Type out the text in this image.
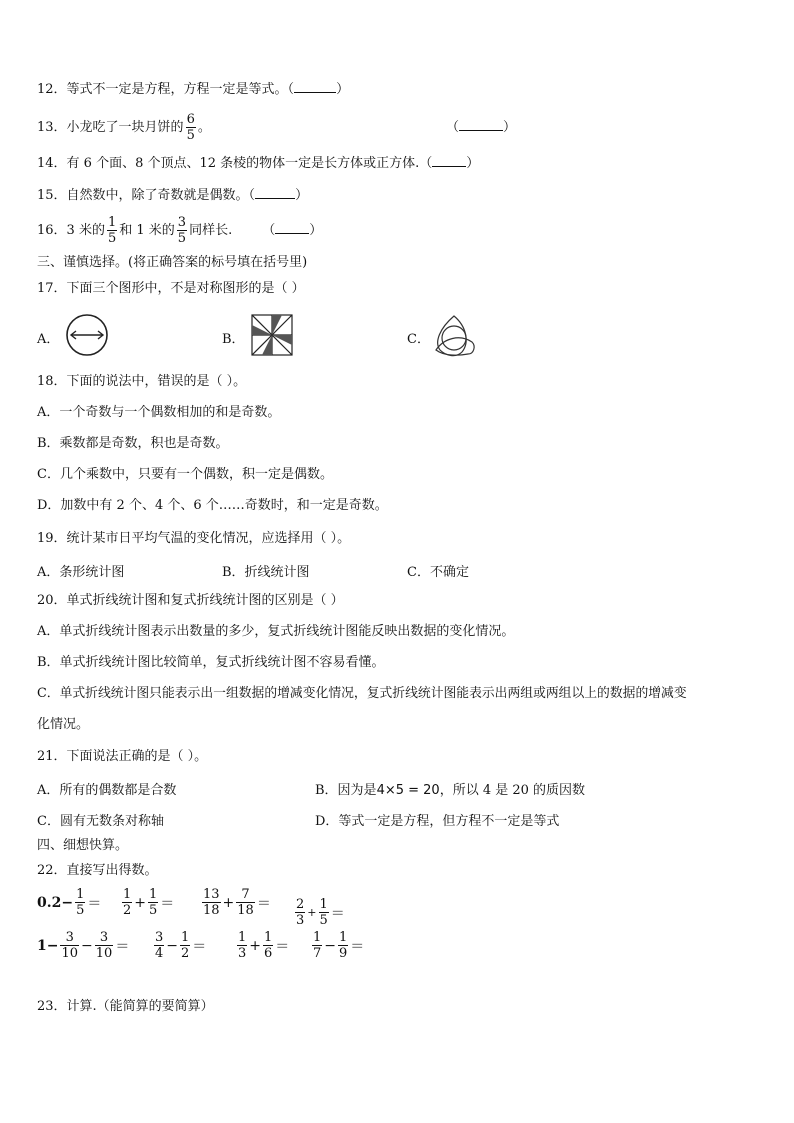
12．等式不一定是方程，方程一定是等式。（	）
13．小龙吃了一块月饼的 $\frac{6}{5}$ 。	（	）
14．有 6 个面、8 个顶点、12 条棱的物体一定是长方体或正方体.（	）
15．自然数中，除了奇数就是偶数。（	）
16．3 米的 $\frac{1}{5}$ 和 1 米的 $\frac{3}{5}$ 同样长. （	）
三、谨慎选择。(将正确答案的标号填在括号里)
17．下面三个图形中，不是对称图形的是（ ）
A．	B．	C．
18．下面的说法中，错误的是（ ）。
A．一个奇数与一个偶数相加的和是奇数。
B．乘数都是奇数，积也是奇数。
C．几个乘数中，只要有一个偶数，积一定是偶数。
D．加数中有 2 个、4 个、6 个……奇数时，和一定是奇数。
19．统计某市日平均气温的变化情况，应选择用（ ）。
A．条形统计图	B．折线统计图	C．不确定
20．单式折线统计图和复式折线统计图的区别是（ ）
A．单式折线统计图表示出数量的多少，复式折线统计图能反映出数据的变化情况。
B．单式折线统计图比较简单，复式折线统计图不容易看懂。
C．单式折线统计图只能表示出一组数据的增减变化情况，复式折线统计图能表示出两组或两组以上的数据的增减变
化情况。
21．下面说法正确的是（ ）。
A．所有的偶数都是合数	B．因为是4×5 = 20，所以 4 是 20 的质因数
C．圆有无数条对称轴	D．等式一定是方程，但方程不一定是等式
四、细想快算。
22．直接写出得数。
$0.2- \frac{1}{5} = \frac{1}{2} + \frac{1}{5} = \frac{13}{18} + \frac{7}{18} = \frac{2}{3} + \frac{1}{5}$ ＝
$1- \frac{3}{10} - \frac{3}{10} = \frac{3}{4} - \frac{1}{2} = \frac{1}{3} + \frac{1}{6} = \frac{1}{7} - \frac{1}{9}$ ＝
23．计算.（能简算的要简算）
